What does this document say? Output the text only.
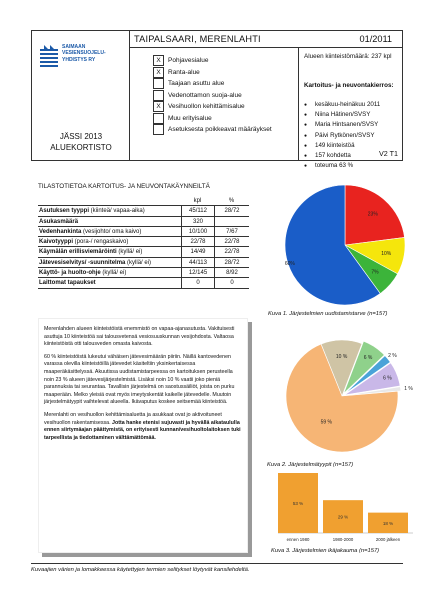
SAIMAAN
VESIENSUOJELU-
YHDISTYS RY
JÄSSI 2013
ALUEKORTISTO
TAIPALSAARI, MERENLAHTI	01/2011
X	Pohjavesialue
X	Ranta-alue
Taajaan asuttu alue
Vedenottamon suoja-alue
X	Vesihuollon kehittämisalue
Muu erityisalue
Asetuksesta poikkeavat määräykset
Alueen kiinteistömäärä: 237 kpl
Kartoitus- ja neuvontakierros:
● kesäkuu-heinäkuu 2011
● Niina Hätinen/SVSY
● Maria Hintsanen/SVSY
● Päivi Rytkönen/SVSY
● 149 kiinteistöä
● 157 kohdetta
● toteuma 63 %
V2 T1
TILASTOTIETOA KARTOITUS- JA NEUVONTAKÄYNNEILTÄ
kpl	%
Asutuksen tyyppi (kiinteä/ vapaa-aika)	45/112	28/72
Asukasmäärä	320
Vedenhankinta (vesijohto/ oma kaivo)	10/100	7/67
Kaivotyyppi (pora-/ rengaskaivo)	22/78	22/78
Käymälän erillisviemäröinti (kyllä/ ei)	14/49	22/78
Jätevesiselvitys/ -suunnitelma (kyllä/ ei)	44/113	28/72
Käyttö- ja huolto-ohje (kyllä/ ei)	12/145	8/92
Laittomat tapaukset	0	0

Merenlahden alueen kiinteistöistä enemmistö on vapaa-ajanasutusta. Vakituisesti asuttuja 10 kiinteistöä sai talousvetensä vesiosuuskunnan vesijohdosta. Valtaosa kiinteistöistä otti talousveden omasta kaivosta.

60 % kiinteistöistä lukeutui vähäisen jätevesimäärän piiriin. Näillä kantovedenen varassa olevilla kiinteistöillä jätevedet käsiteltiin yksinkertaisessa maaperäkäsittelyssä. Akuutissa uudistamistarpeessa on kartoituksen perusteella noin 23 % alueen jätevesijärjestelmistä. Lisäksi noin 10 % vaatii joko pieniä parannuksia tai seurantaa. Tavallisin järjestelmä on saostussäiliöt, joista on purku maaperään. Melko yleisiä ovat myös imeytyskentät kaikelle jätevedelle. Muutoin järjestelmätyypit vaihtelevat alueella. Ikävaputus koskee seitsemää kiinteistöä.

Merenlahti on vesihuollon kehittämisaluetta ja asukkaat ovat jo aktivoituneet vesihuollon rakentamisessa. Jotta hanke etenisi sujuvasti ja hyvällä aikataululla ennen siirtymäajan päättymistä, on erityisesti kunnan/vesihuoltolaitoksen tuki tarpeellista ja tiedottaminen välttämättömää.

23%
10%
7%
60%
Kuva 1. Järjestelmien uudistamistarve (n=157)
10 %	6 %	2 %
6 %
1 %
59 %
Kuva 2. Järjestelmätyypit (n=157)
53 %
ennen 1980
29 %
1980-2000
18 %
2000 jälkeen
Kuva 3. Järjestelmien ikäjakauma (n=157)
Kuvaajien värien ja lomakkeessa käytettyjen termien selitykset löytyvät kansilehdeltä.
